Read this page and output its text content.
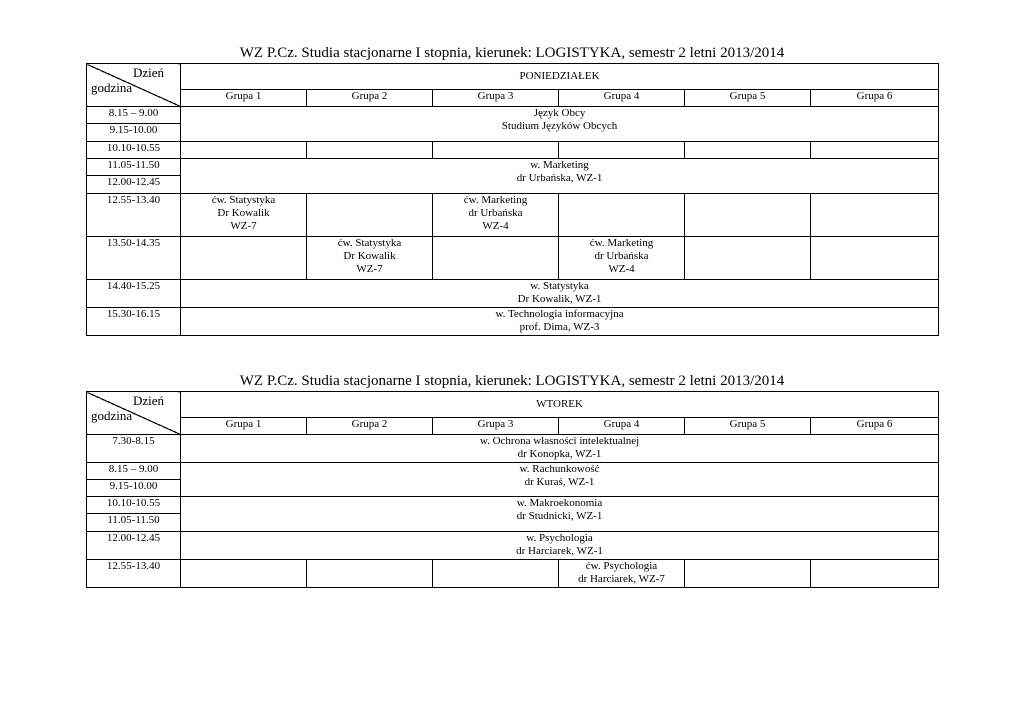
WZ P.Cz. Studia stacjonarne I stopnia, kierunek: LOGISTYKA, semestr 2 letni 2013/2014
Dzień
godzina	PONIEDZIAŁEK					
	Grupa 1	Grupa 2	Grupa 3	Grupa 4	Grupa 5	Grupa 6
8.15 – 9.00	Język Obcy
Studium Języków Obcych					

9.15-10.00						
10.10-10.55						
11.05-11.50	w. Marketing
dr Urbańska, WZ-1					

12.00-12.45						
12.55-13.40	ćw. Statystyka
Dr Kowalik
WZ-7		ćw. Marketing
dr Urbańska
WZ-4			

13.50-14.35		ćw. Statystyka
Dr Kowalik
WZ-7		ćw. Marketing
dr Urbańska
WZ-4		

14.40-15.25	w. Statystyka
Dr Kowalik, WZ-1					

15.30-16.15	w. Technologia informacyjna
prof. Dima, WZ-3					
WZ P.Cz. Studia stacjonarne I stopnia, kierunek: LOGISTYKA, semestr 2 letni 2013/2014
Dzień
godzina	WTOREK					
	Grupa 1	Grupa 2	Grupa 3	Grupa 4	Grupa 5	Grupa 6
7.30-8.15	w. Ochrona własności intelektualnej
dr Konopka, WZ-1					

8.15 – 9.00	w. Rachunkowość
dr Kuraś, WZ-1					

9.15-10.00						
10.10-10.55	w. Makroekonomia
dr Studnicki, WZ-1					

11.05-11.50						
12.00-12.45	w. Psychologia
dr Harciarek, WZ-1					

12.55-13.40				ćw. Psychologia
dr Harciarek, WZ-7		
